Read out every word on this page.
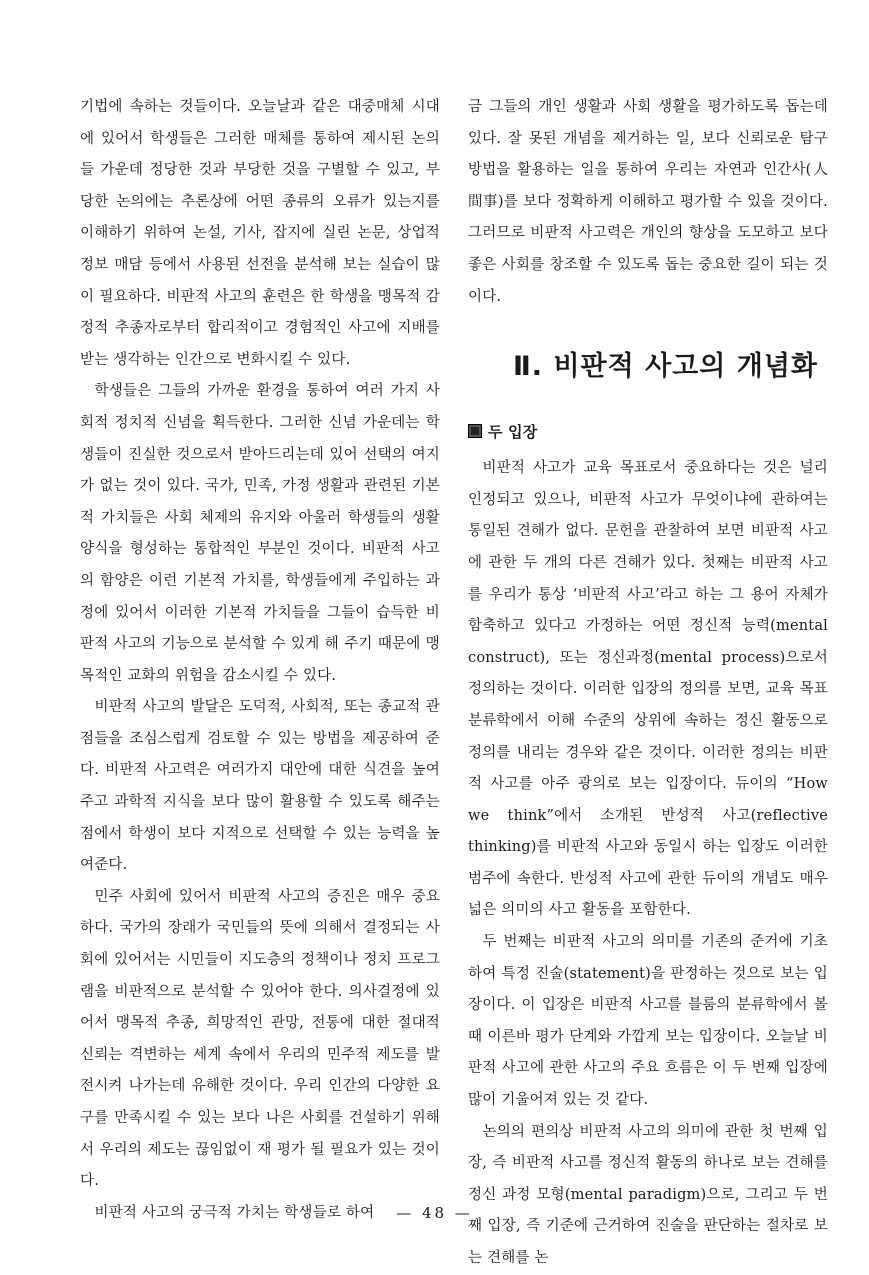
기법에 속하는 것들이다. 오늘날과 같은 대중매체 시대에 있어서 학생들은 그러한 매체를 통하여 제시된 논의들 가운데 정당한 것과 부당한 것을 구별할 수 있고, 부당한 논의에는 추론상에 어떤 종류의 오류가 있는지를 이해하기 위하여 논설, 기사, 잡지에 실린 논문, 상업적 정보 매담 등에서 사용된 선전을 분석해 보는 실습이 많이 필요하다. 비판적 사고의 훈련은 한 학생을 맹목적 감정적 추종자로부터 합리적이고 경험적인 사고에 지배를 받는 생각하는 인간으로 변화시킬 수 있다.

학생들은 그들의 가까운 환경을 통하여 여러 가지 사회적 정치적 신념을 획득한다. 그러한 신념 가운데는 학생들이 진실한 것으로서 받아드리는데 있어 선택의 여지가 없는 것이 있다. 국가, 민족, 가정 생활과 관련된 기본적 가치들은 사회 체제의 유지와 아울러 학생들의 생활 양식을 형성하는 통합적인 부분인 것이다. 비판적 사고의 함양은 이런 기본적 가치를, 학생들에게 주입하는 과정에 있어서 이러한 기본적 가치들을 그들이 습득한 비판적 사고의 기능으로 분석할 수 있게 해 주기 때문에 맹목적인 교화의 위험을 감소시킬 수 있다.

비판적 사고의 발달은 도덕적, 사회적, 또는 종교적 관점들을 조심스럽게 검토할 수 있는 방법을 제공하여 준다. 비판적 사고력은 여러가지 대안에 대한 식견을 높여주고 과학적 지식을 보다 많이 활용할 수 있도록 해주는 점에서 학생이 보다 지적으로 선택할 수 있는 능력을 높여준다.

민주 사회에 있어서 비판적 사고의 증진은 매우 중요하다. 국가의 장래가 국민들의 뜻에 의해서 결정되는 사회에 있어서는 시민들이 지도층의 정책이나 정치 프로그램을 비판적으로 분석할 수 있어야 한다. 의사결정에 있어서 맹목적 추종, 희망적인 관망, 전통에 대한 절대적 신뢰는 격변하는 세계 속에서 우리의 민주적 제도를 발전시켜 나가는데 유해한 것이다. 우리 인간의 다양한 요구를 만족시킬 수 있는 보다 나은 사회를 건설하기 위해서 우리의 제도는 끊임없이 재 평가 될 필요가 있는 것이다.

비판적 사고의 궁극적 가치는 학생들로 하여

금 그들의 개인 생활과 사회 생활을 평가하도록 돕는데 있다. 잘 못된 개념을 제거하는 일, 보다 신뢰로운 탐구 방법을 활용하는 일을 통하여 우리는 자연과 인간사(人間事)를 보다 정확하게 이해하고 평가할 수 있을 것이다. 그러므로 비판적 사고력은 개인의 향상을 도모하고 보다 좋은 사회를 창조할 수 있도록 돕는 중요한 길이 되는 것이다.

Ⅱ. 비판적 사고의 개념화
두 입장

비판적 사고가 교육 목표로서 중요하다는 것은 널리 인정되고 있으나, 비판적 사고가 무엇이냐에 관하여는 통일된 견해가 없다. 문헌을 관찰하여 보면 비판적 사고에 관한 두 개의 다른 견해가 있다. 첫째는 비판적 사고를 우리가 통상 ‘비판적 사고’라고 하는 그 용어 자체가 함축하고 있다고 가정하는 어떤 정신적 능력(mental construct), 또는 정신과정(mental process)으로서 정의하는 것이다. 이러한 입장의 정의를 보면, 교육 목표 분류학에서 이해 수준의 상위에 속하는 정신 활동으로 정의를 내리는 경우와 같은 것이다. 이러한 정의는 비판적 사고를 아주 광의로 보는 입장이다. 듀이의 “How we think”에서 소개된 반성적 사고(reflective thinking)를 비판적 사고와 동일시 하는 입장도 이러한 범주에 속한다. 반성적 사고에 관한 듀이의 개념도 매우 넓은 의미의 사고 활동을 포함한다.

두 번째는 비판적 사고의 의미를 기존의 준거에 기초하여 특정 진술(statement)을 판정하는 것으로 보는 입장이다. 이 입장은 비판적 사고를 블룸의 분류학에서 볼 때 이른바 평가 단계와 가깝게 보는 입장이다. 오늘날 비판적 사고에 관한 사고의 주요 흐름은 이 두 번째 입장에 많이 기울어져 있는 것 같다.

논의의 편의상 비판적 사고의 의미에 관한 첫 번째 입장, 즉 비판적 사고를 정신적 활동의 하나로 보는 견해를 정신 과정 모형(mental paradigm)으로, 그리고 두 번째 입장, 즉 기준에 근거하여 진술을 판단하는 절차로 보는 견해를 논

— 48 —
